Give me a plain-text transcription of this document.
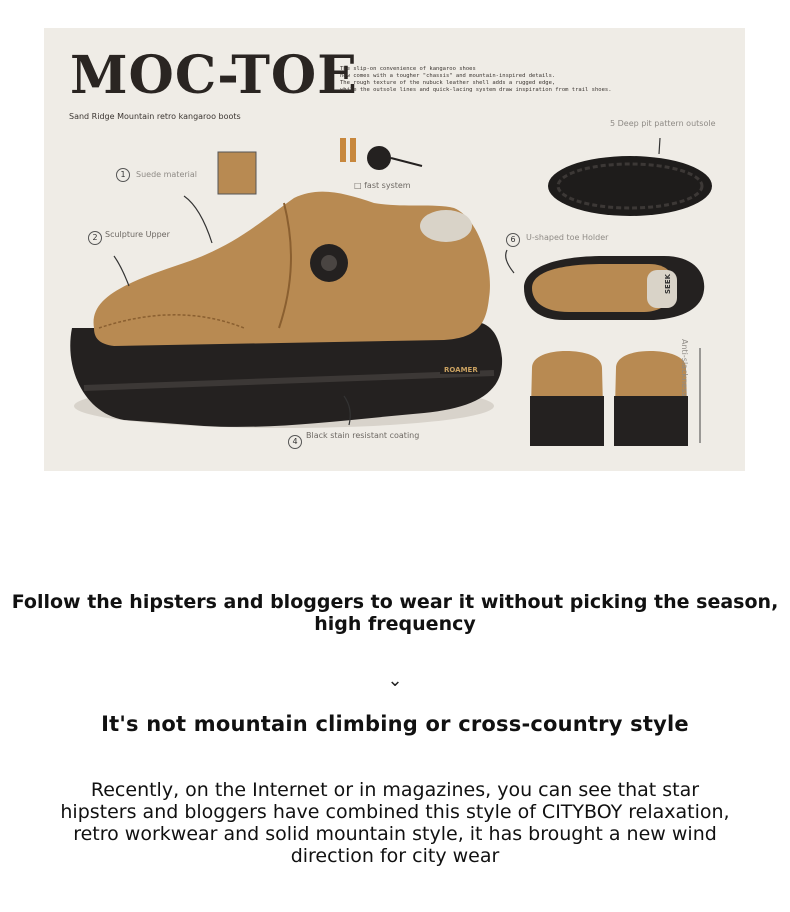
ROAMER
SEEK
MOC-TOE
Sand Ridge Mountain retro kangaroo boots
The slip-on convenience of kangaroo shoes
now comes with a tougher "chassis" and mountain-inspired details.
The rough texture of the nubuck leather shell adds a rugged edge,
while the outsole lines and quick-lacing system draw inspiration from trail shoes.
1	Suede material
2 Sculpture Upper
□ fast system
4
Black stain resistant coating
5 Deep pit pattern outsole
6	U-shaped toe Holder
Anti-slackness
Follow the hipsters and bloggers to wear it without picking the season, high frequency
⌄
It's not mountain climbing or cross-country style
Recently, on the Internet or in magazines, you can see that star hipsters and bloggers have combined this style of CITYBOY relaxation, retro workwear and solid mountain style, it has brought a new wind direction for city wear
